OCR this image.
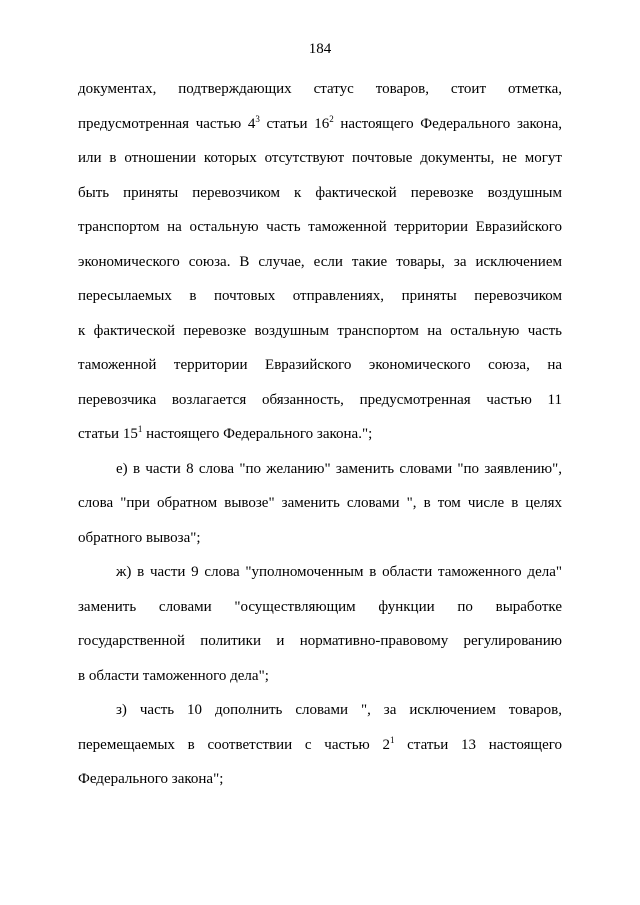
184
документах, подтверждающих статус товаров, стоит отметка,
предусмотренная частью $4^3$ статьи $16^2$ настоящего Федерального закона,
или в отношении которых отсутствуют почтовые документы, не могут
быть приняты перевозчиком к фактической перевозке воздушным
транспортом на остальную часть таможенной территории Евразийского
экономического союза. В случае, если такие товары, за исключением
пересылаемых в почтовых отправлениях, приняты перевозчиком
к фактической перевозке воздушным транспортом на остальную часть
таможенной территории Евразийского экономического союза, на
перевозчика возлагается обязанность, предусмотренная частью 11
статьи $15^1$ настоящего Федерального закона.";
е) в части 8 слова "по желанию" заменить словами "по заявлению",
слова "при обратном вывозе" заменить словами ", в том числе в целях
обратного вывоза";
ж) в части 9 слова "уполномоченным в области таможенного дела"
заменить словами "осуществляющим функции по выработке
государственной политики и нормативно-правовому регулированию
в области таможенного дела";
з) часть 10 дополнить словами ", за исключением товаров,
перемещаемых в соответствии с частью $2^1$ статьи 13 настоящего
Федерального закона";
